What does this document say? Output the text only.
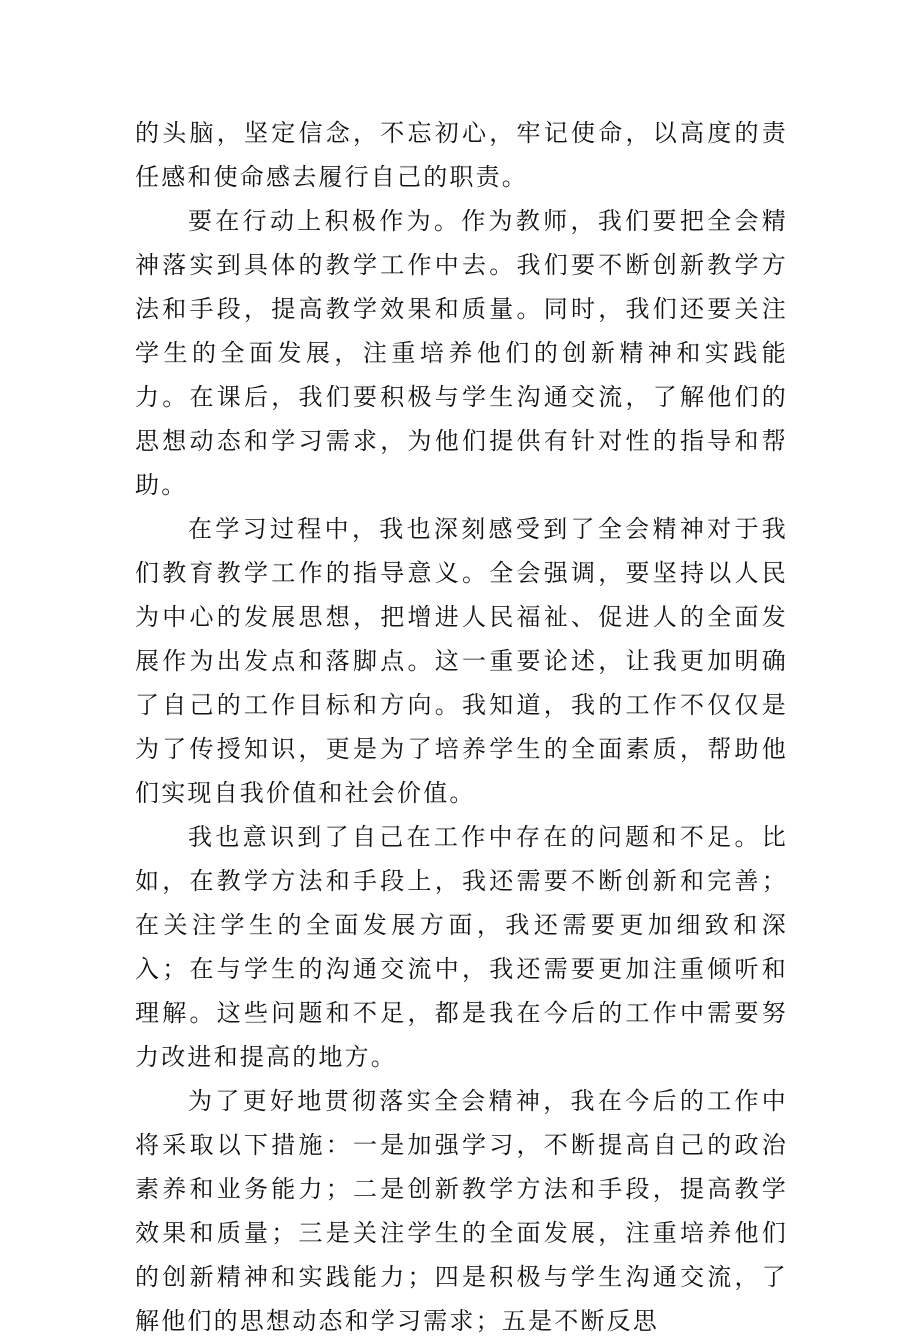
的头脑，坚定信念，不忘初心，牢记使命，以高度的责任感和使命感去履行自己的职责。

要在行动上积极作为。作为教师，我们要把全会精神落实到具体的教学工作中去。我们要不断创新教学方法和手段，提高教学效果和质量。同时，我们还要关注学生的全面发展，注重培养他们的创新精神和实践能力。在课后，我们要积极与学生沟通交流，了解他们的思想动态和学习需求，为他们提供有针对性的指导和帮助。

在学习过程中，我也深刻感受到了全会精神对于我们教育教学工作的指导意义。全会强调，要坚持以人民为中心的发展思想，把增进人民福祉、促进人的全面发展作为出发点和落脚点。这一重要论述，让我更加明确了自己的工作目标和方向。我知道，我的工作不仅仅是为了传授知识，更是为了培养学生的全面素质，帮助他们实现自我价值和社会价值。

我也意识到了自己在工作中存在的问题和不足。比如，在教学方法和手段上，我还需要不断创新和完善；在关注学生的全面发展方面，我还需要更加细致和深入；在与学生的沟通交流中，我还需要更加注重倾听和理解。这些问题和不足，都是我在今后的工作中需要努力改进和提高的地方。

为了更好地贯彻落实全会精神，我在今后的工作中将采取以下措施：一是加强学习，不断提高自己的政治素养和业务能力；二是创新教学方法和手段，提高教学效果和质量；三是关注学生的全面发展，注重培养他们的创新精神和实践能力；四是积极与学生沟通交流，了解他们的思想动态和学习需求；五是不断反思
